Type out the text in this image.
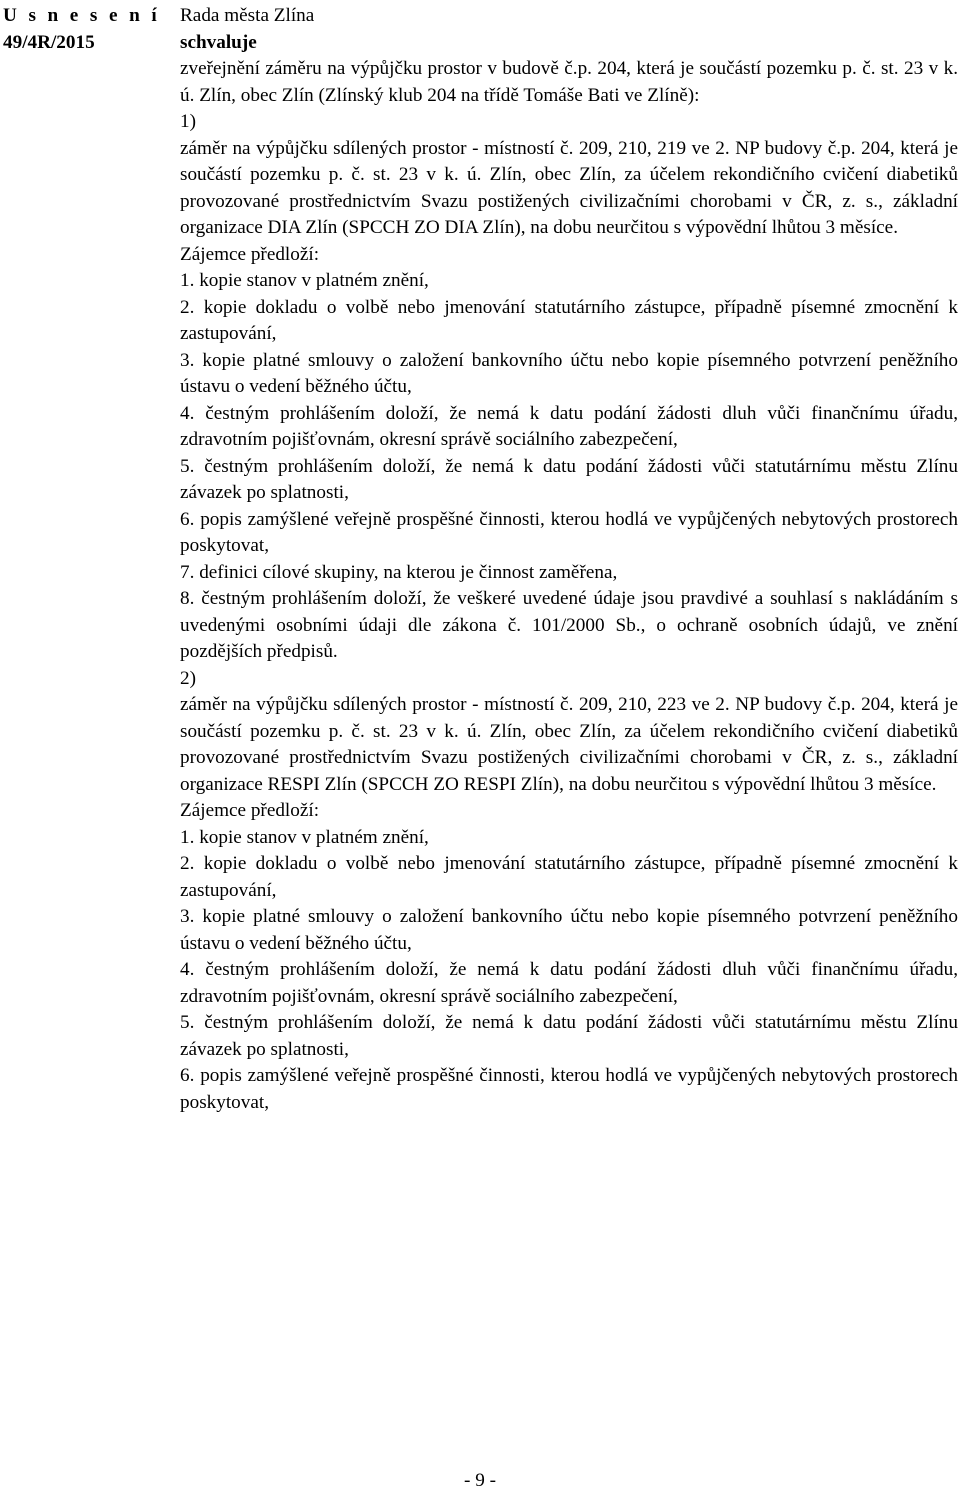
U s n e s e n í
49/4R/2015

Rada města Zlína

schvaluje

zveřejnění záměru na výpůjčku prostor v budově č.p. 204, která je součástí pozemku p. č. st. 23 v k. ú. Zlín, obec Zlín (Zlínský klub 204 na třídě Tomáše Bati ve Zlíně):

1)

záměr na výpůjčku sdílených prostor - místností č. 209, 210, 219 ve 2. NP budovy č.p. 204, která je součástí pozemku p. č. st. 23 v k. ú. Zlín, obec Zlín, za účelem rekondičního cvičení diabetiků provozované prostřednictvím Svazu postižených civilizačními chorobami v ČR, z. s., základní organizace DIA Zlín (SPCCH ZO DIA Zlín), na dobu neurčitou s výpovědní lhůtou 3 měsíce.

Zájemce předloží:

1. kopie stanov v platném znění,

2. kopie dokladu o volbě nebo jmenování statutárního zástupce, případně písemné zmocnění k zastupování,

3. kopie platné smlouvy o založení bankovního účtu nebo kopie písemného potvrzení peněžního ústavu o vedení běžného účtu,

4. čestným prohlášením doloží, že nemá k datu podání žádosti dluh vůči finančnímu úřadu, zdravotním pojišťovnám, okresní správě sociálního zabezpečení,

5. čestným prohlášením doloží, že nemá k datu podání žádosti vůči statutárnímu městu Zlínu závazek po splatnosti,

6. popis zamýšlené veřejně prospěšné činnosti, kterou hodlá ve vypůjčených nebytových prostorech poskytovat,

7. definici cílové skupiny, na kterou je činnost zaměřena,

8. čestným prohlášením doloží, že veškeré uvedené údaje jsou pravdivé a souhlasí s nakládáním s uvedenými osobními údaji dle zákona č. 101/2000 Sb., o ochraně osobních údajů, ve znění pozdějších předpisů.

2)

záměr na výpůjčku sdílených prostor - místností č. 209, 210, 223 ve 2. NP budovy č.p. 204, která je součástí pozemku p. č. st. 23 v k. ú. Zlín, obec Zlín, za účelem rekondičního cvičení diabetiků provozované prostřednictvím Svazu postižených civilizačními chorobami v ČR, z. s., základní organizace RESPI Zlín (SPCCH ZO RESPI Zlín), na dobu neurčitou s výpovědní lhůtou 3 měsíce.

Zájemce předloží:

1. kopie stanov v platném znění,

2. kopie dokladu o volbě nebo jmenování statutárního zástupce, případně písemné zmocnění k zastupování,

3. kopie platné smlouvy o založení bankovního účtu nebo kopie písemného potvrzení peněžního ústavu o vedení běžného účtu,

4. čestným prohlášením doloží, že nemá k datu podání žádosti dluh vůči finančnímu úřadu, zdravotním pojišťovnám, okresní správě sociálního zabezpečení,

5. čestným prohlášením doloží, že nemá k datu podání žádosti vůči statutárnímu městu Zlínu závazek po splatnosti,

6. popis zamýšlené veřejně prospěšné činnosti, kterou hodlá ve vypůjčených nebytových prostorech poskytovat,

- 9 -
